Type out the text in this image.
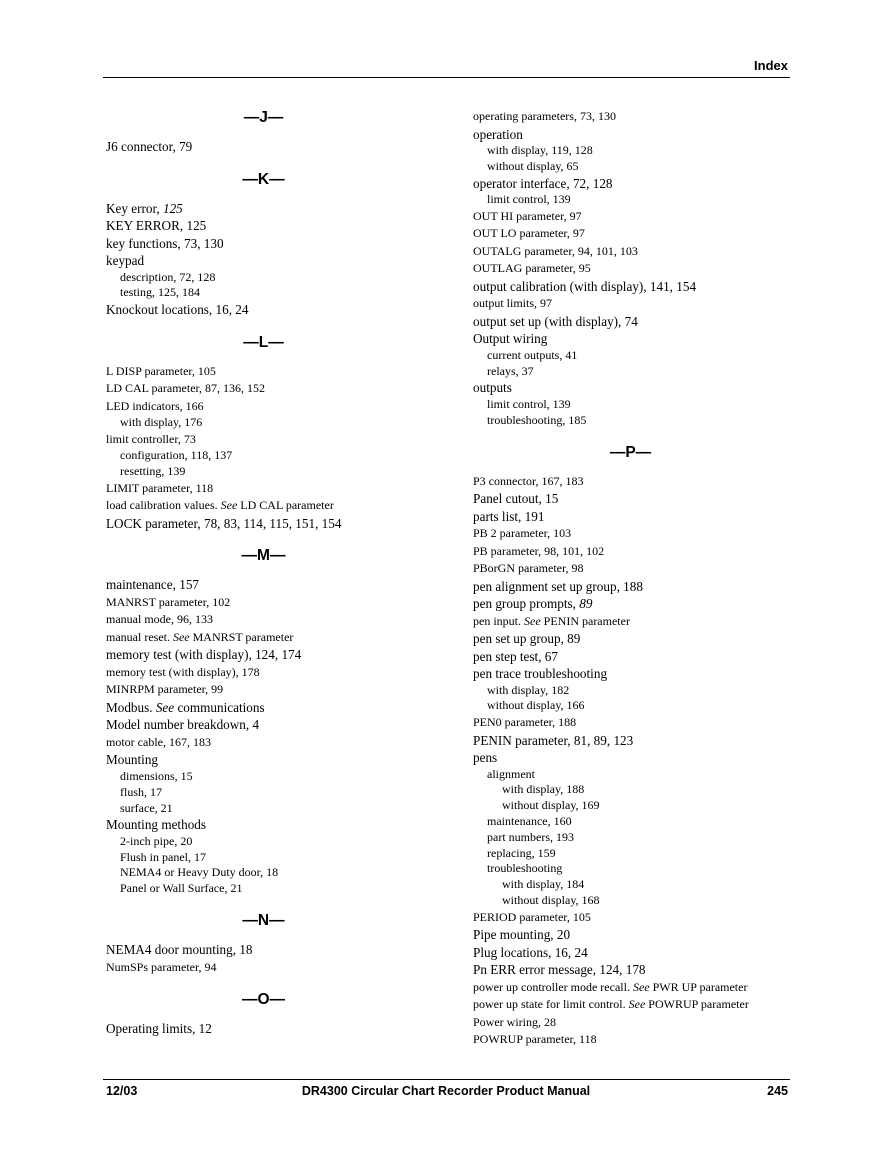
Index
—J—
J6 connector, 79
—K—
Key error, 125
KEY ERROR, 125
key functions, 73, 130
keypad
description, 72, 128
testing, 125, 184
Knockout locations, 16, 24
—L—
L DISP parameter, 105
LD CAL parameter, 87, 136, 152
LED indicators, 166
with display, 176
limit controller, 73
configuration, 118, 137
resetting, 139
LIMIT parameter, 118
load calibration values. See LD CAL parameter
LOCK parameter, 78, 83, 114, 115, 151, 154
—M—
maintenance, 157
MANRST parameter, 102
manual mode, 96, 133
manual reset. See MANRST parameter
memory test (with display), 124, 174
memory test (with display), 178
MINRPM parameter, 99
Modbus. See communications
Model number breakdown, 4
motor cable, 167, 183
Mounting
dimensions, 15
flush, 17
surface, 21
Mounting methods
2-inch pipe, 20
Flush in panel, 17
NEMA4 or Heavy Duty door, 18
Panel or Wall Surface, 21
—N—
NEMA4 door mounting, 18
NumSPs parameter, 94
—O—
Operating limits, 12
operating parameters, 73, 130
operation
with display, 119, 128
without display, 65
operator interface, 72, 128
limit control, 139
OUT HI parameter, 97
OUT LO parameter, 97
OUTALG parameter, 94, 101, 103
OUTLAG parameter, 95
output calibration (with display), 141, 154
output limits, 97
output set up (with display), 74
Output wiring
current outputs, 41
relays, 37
outputs
limit control, 139
troubleshooting, 185
—P—
P3 connector, 167, 183
Panel cutout, 15
parts list, 191
PB 2 parameter, 103
PB parameter, 98, 101, 102
PBorGN parameter, 98
pen alignment set up group, 188
pen group prompts, 89
pen input. See PENIN parameter
pen set up group, 89
pen step test, 67
pen trace troubleshooting
with display, 182
without display, 166
PEN0 parameter, 188
PENIN parameter, 81, 89, 123
pens
alignment
with display, 188
without display, 169
maintenance, 160
part numbers, 193
replacing, 159
troubleshooting
with display, 184
without display, 168
PERIOD parameter, 105
Pipe mounting, 20
Plug locations, 16, 24
Pn ERR error message, 124, 178
power up controller mode recall. See PWR UP parameter
power up state for limit control. See POWRUP parameter
Power wiring, 28
POWRUP parameter, 118
12/03	DR4300 Circular Chart Recorder Product Manual	245
